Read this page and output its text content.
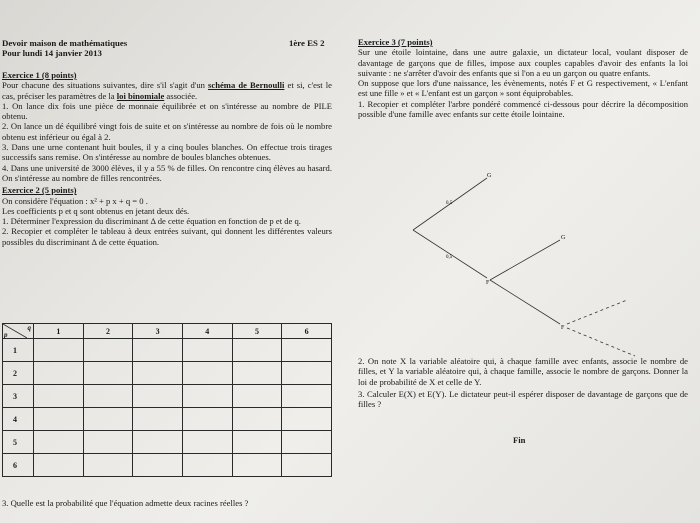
Devoir maison de mathématiques
Pour lundi 14 janvier 2013
1ère ES 2
Exercice 1 (8 points)

Pour chacune des situations suivantes, dire s'il s'agit d'un schéma de Bernoulli et si, c'est le cas, préciser les paramètres de la loi binomiale associée.

1. On lance dix fois une pièce de monnaie équilibrée et on s'intéresse au nombre de PILE obtenu.

2. On lance un dé équilibré vingt fois de suite et on s'intéresse au nombre de fois où le nombre obtenu est inférieur ou égal à 2.

3. Dans une urne contenant huit boules, il y a cinq boules blanches. On effectue trois tirages successifs sans remise. On s'intéresse au nombre de boules blanches obtenues.

4. Dans une université de 3000 élèves, il y a 55 % de filles. On rencontre cinq élèves au hasard. On s'intéresse au nombre de filles rencontrées.

Exercice 2 (5 points)

On considère l'équation : x² + p x + q = 0 .

Les coefficients p et q sont obtenus en jetant deux dés.

1. Déterminer l'expression du discriminant Δ de cette équation en fonction de p et de q.

2. Recopier et compléter le tableau à deux entrées suivant, qui donnent les différentes valeurs possibles du discriminant Δ de cette équation.

q
p	1	2	3	4	5	6
1						
2						
3						
4						
5						
6						
3. Quelle est la probabilité que l'équation admette deux racines réelles ?
Exercice 3 (7 points)

Sur une étoile lointaine, dans une autre galaxie, un dictateur local, voulant disposer de davantage de garçons que de filles, impose aux couples capables d'avoir des enfants la loi suivante : ne s'arrêter d'avoir des enfants que si l'on a eu un garçon ou quatre enfants.

On suppose que lors d'une naissance, les évènements, notés F et G respectivement, « L'enfant est une fille » et « L'enfant est un garçon » sont équiprobables.

1. Recopier et compléter l'arbre pondéré commencé ci-dessous pour décrire la décomposition possible d'une famille avec enfants sur cette étoile lointaine.

G
0,5
0,5
F
G
F

2. On note X la variable aléatoire qui, à chaque famille avec enfants, associe le nombre de filles, et Y la variable aléatoire qui, à chaque famille, associe le nombre de garçons. Donner la loi de probabilité de X et celle de Y.

3. Calculer E(X) et E(Y). Le dictateur peut-il espérer disposer de davantage de garçons que de filles ?

Fin
